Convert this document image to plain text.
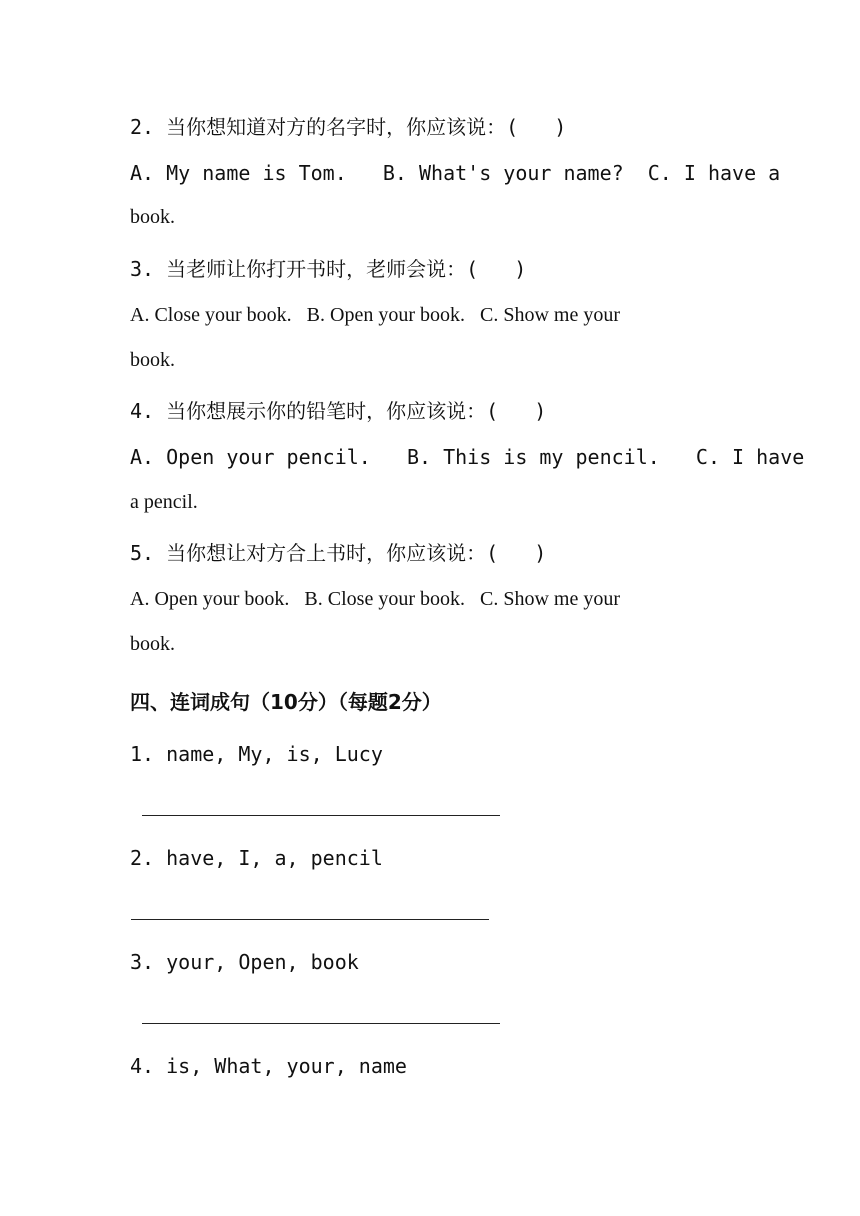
2. 当你想知道对方的名字时，你应该说：(   )
A. My name is Tom.   B. What's your name?  C. I have a
book.
3. 当老师让你打开书时，老师会说：(   )
A. Close your book.   B. Open your book.   C. Show me your
book.
4. 当你想展示你的铅笔时，你应该说：(   )
A. Open your pencil.   B. This is my pencil.   C. I have
a pencil.
5. 当你想让对方合上书时，你应该说：(   )
A. Open your book.   B. Close your book.   C. Show me your
book.
四、连词成句（10分）（每题2分）
1. name, My, is, Lucy
2. have, I, a, pencil
3. your, Open, book
4. is, What, your, name
